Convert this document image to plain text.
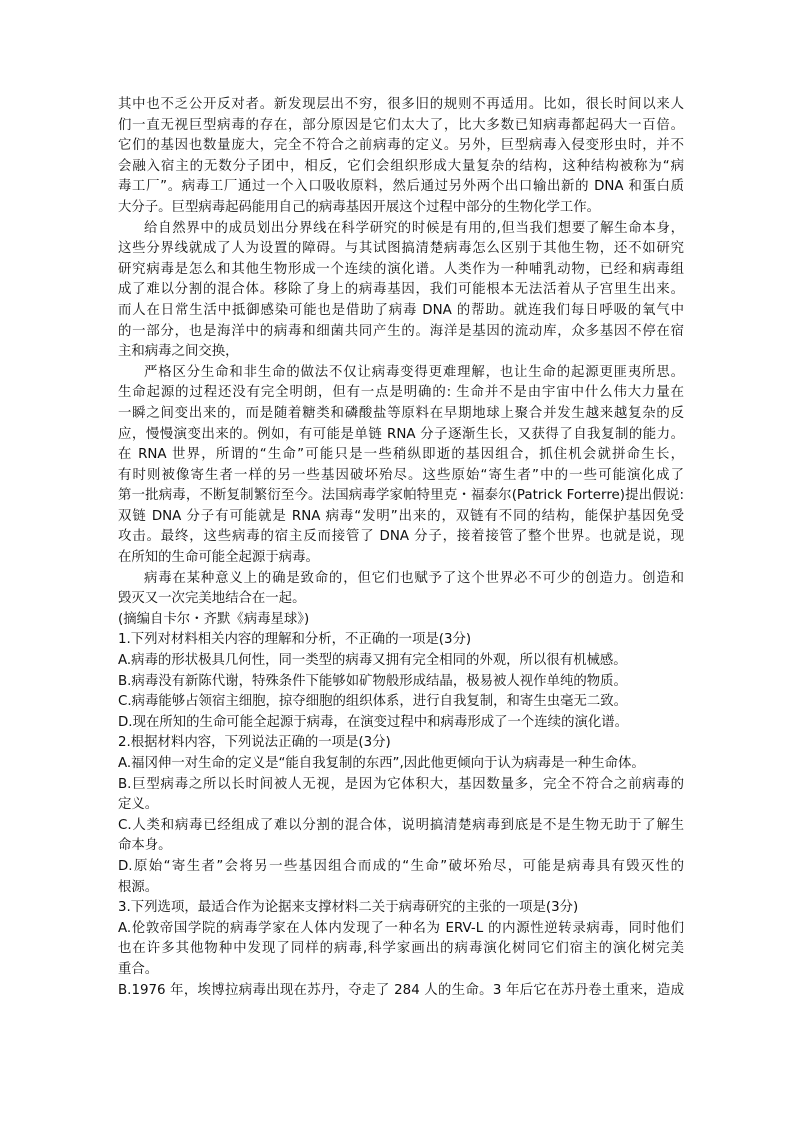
其中也不乏公开反对者。新发现层出不穷，很多旧的规则不再适用。比如，很长时间以来人
们一直无视巨型病毒的存在，部分原因是它们太大了，比大多数已知病毒都起码大一百倍。
它们的基因也数量庞大，完全不符合之前病毒的定义。另外，巨型病毒入侵变形虫时，并不
会融入宿主的无数分子团中，相反，它们会组织形成大量复杂的结构，这种结构被称为“病
毒工厂”。病毒工厂通过一个入口吸收原料，然后通过另外两个出口输出新的 DNA 和蛋白质
大分子。巨型病毒起码能用自己的病毒基因开展这个过程中部分的生物化学工作。
给自然界中的成员划出分界线在科学研究的时候是有用的,但当我们想要了解生命本身，
这些分界线就成了人为设置的障碍。与其试图搞清楚病毒怎么区别于其他生物，还不如研究
研究病毒是怎么和其他生物形成一个连续的演化谱。人类作为一种哺乳动物，已经和病毒组
成了难以分割的混合体。移除了身上的病毒基因，我们可能根本无法活着从子宫里生出来。
而人在日常生活中抵御感染可能也是借助了病毒 DNA 的帮助。就连我们每日呼吸的氧气中
的一部分，也是海洋中的病毒和细菌共同产生的。海洋是基因的流动库，众多基因不停在宿
主和病毒之间交换，
严格区分生命和非生命的做法不仅让病毒变得更难理解，也让生命的起源更匪夷所思。
生命起源的过程还没有完全明朗，但有一点是明确的: 生命并不是由宇宙中什么伟大力量在
一瞬之间变出来的，而是随着糖类和磷酸盐等原料在早期地球上聚合并发生越来越复杂的反
应，慢慢演变出来的。例如，有可能是单链 RNA 分子逐渐生长，又获得了自我复制的能力。
在 RNA 世界，所谓的“生命”可能只是一些稍纵即逝的基因组合，抓住机会就拼命生长，
有时则被像寄生者一样的另一些基因破坏殆尽。这些原始“寄生者”中的一些可能演化成了
第一批病毒，不断复制繁衍至今。法国病毒学家帕特里克・福泰尔(Patrick Forterre)提出假说:
双链 DNA 分子有可能就是 RNA 病毒“发明”出来的，双链有不同的结构，能保护基因免受
攻击。最终，这些病毒的宿主反而接管了 DNA 分子，接着接管了整个世界。也就是说，现
在所知的生命可能全起源于病毒。
病毒在某种意义上的确是致命的，但它们也赋予了这个世界必不可少的创造力。创造和
毁灭又一次完美地结合在一起。
(摘编自卡尔・齐默《病毒星球》)
1.下列对材料相关内容的理解和分析，不正确的一项是(3分)
A.病毒的形状极具几何性，同一类型的病毒又拥有完全相同的外观，所以很有机械感。
B.病毒没有新陈代谢，特殊条件下能够如矿物般形成结晶，极易被人视作单纯的物质。
C.病毒能够占领宿主细胞，掠夺细胞的组织体系，进行自我复制，和寄生虫毫无二致。
D.现在所知的生命可能全起源于病毒，在演变过程中和病毒形成了一个连续的演化谱。
2.根据材料内容，下列说法正确的一项是(3分)
A.福冈伸一对生命的定义是“能自我复制的东西”,因此他更倾向于认为病毒是一种生命体。
B.巨型病毒之所以长时间被人无视，是因为它体积大，基因数量多，完全不符合之前病毒的
定义。
C.人类和病毒已经组成了难以分割的混合体，说明搞清楚病毒到底是不是生物无助于了解生
命本身。
D.原始“寄生者”会将另一些基因组合而成的“生命”破坏殆尽，可能是病毒具有毁灭性的
根源。
3.下列选项，最适合作为论据来支撑材料二关于病毒研究的主张的一项是(3分)
A.伦敦帝国学院的病毒学家在人体内发现了一种名为 ERV-L 的内源性逆转录病毒，同时他们
也在许多其他物种中发现了同样的病毒,科学家画出的病毒演化树同它们宿主的演化树完美
重合。
B.1976 年，埃博拉病毒出现在苏丹，夺走了 284 人的生命。3 年后它在苏丹卷土重来，造成
